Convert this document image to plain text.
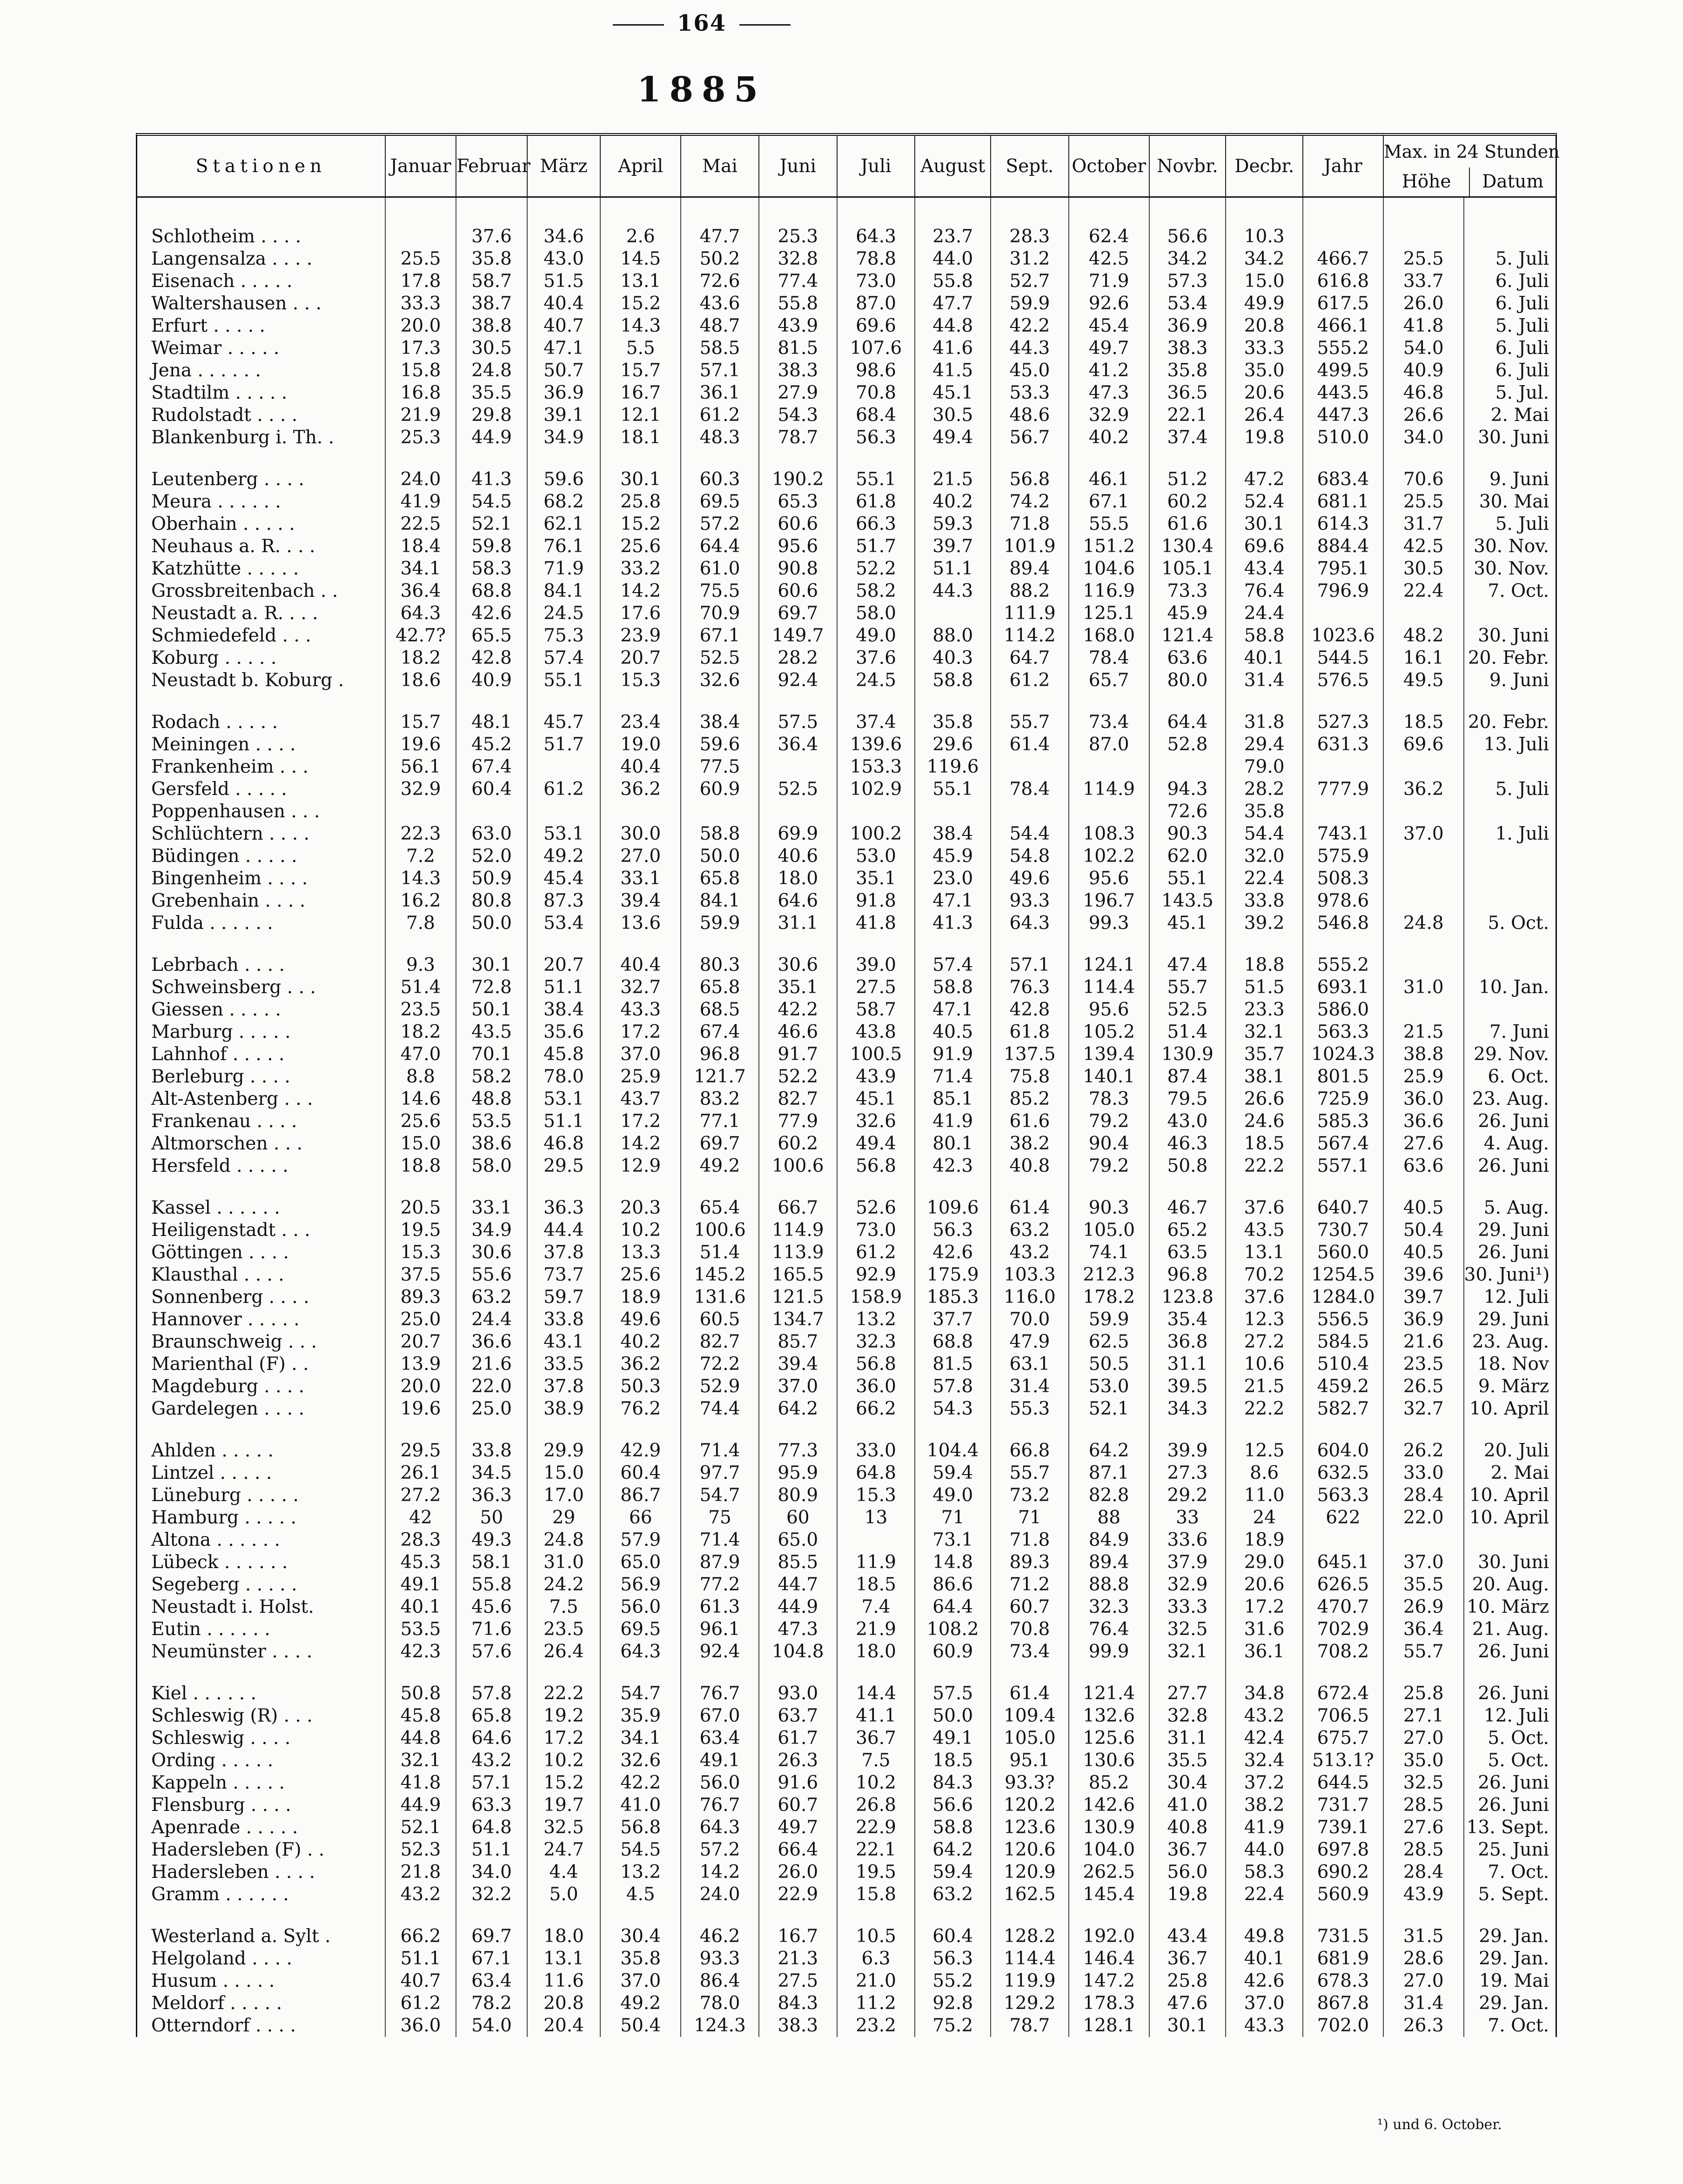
164
1885
Stationen	Januar	Februar	März	April	Mai	Juni	Juli	August	Sept.	October	Novbr.	Decbr.	Jahr	Max. in 24 Stunden
Höhe Datum	

Schlotheim . . . .		37.6	34.6	2.6	47.7	25.3	64.3	23.7	28.3	62.4	56.6	10.3			
Langensalza . . . .	25.5	35.8	43.0	14.5	50.2	32.8	78.8	44.0	31.2	42.5	34.2	34.2	466.7	25.5	5. Juli
Eisenach . . . . .	17.8	58.7	51.5	13.1	72.6	77.4	73.0	55.8	52.7	71.9	57.3	15.0	616.8	33.7	6. Juli
Waltershausen . . .	33.3	38.7	40.4	15.2	43.6	55.8	87.0	47.7	59.9	92.6	53.4	49.9	617.5	26.0	6. Juli
Erfurt . . . . .	20.0	38.8	40.7	14.3	48.7	43.9	69.6	44.8	42.2	45.4	36.9	20.8	466.1	41.8	5. Juli
Weimar . . . . .	17.3	30.5	47.1	5.5	58.5	81.5	107.6	41.6	44.3	49.7	38.3	33.3	555.2	54.0	6. Juli
Jena . . . . . .	15.8	24.8	50.7	15.7	57.1	38.3	98.6	41.5	45.0	41.2	35.8	35.0	499.5	40.9	6. Juli
Stadtilm . . . . .	16.8	35.5	36.9	16.7	36.1	27.9	70.8	45.1	53.3	47.3	36.5	20.6	443.5	46.8	5. Jul.
Rudolstadt . . . .	21.9	29.8	39.1	12.1	61.2	54.3	68.4	30.5	48.6	32.9	22.1	26.4	447.3	26.6	2. Mai
Blankenburg i. Th. .	25.3	44.9	34.9	18.1	48.3	78.7	56.3	49.4	56.7	40.2	37.4	19.8	510.0	34.0	30. Juni

Leutenberg . . . .	24.0	41.3	59.6	30.1	60.3	190.2	55.1	21.5	56.8	46.1	51.2	47.2	683.4	70.6	9. Juni
Meura . . . . . .	41.9	54.5	68.2	25.8	69.5	65.3	61.8	40.2	74.2	67.1	60.2	52.4	681.1	25.5	30. Mai
Oberhain . . . . .	22.5	52.1	62.1	15.2	57.2	60.6	66.3	59.3	71.8	55.5	61.6	30.1	614.3	31.7	5. Juli
Neuhaus a. R. . . .	18.4	59.8	76.1	25.6	64.4	95.6	51.7	39.7	101.9	151.2	130.4	69.6	884.4	42.5	30. Nov.
Katzhütte . . . . .	34.1	58.3	71.9	33.2	61.0	90.8	52.2	51.1	89.4	104.6	105.1	43.4	795.1	30.5	30. Nov.
Grossbreitenbach . .	36.4	68.8	84.1	14.2	75.5	60.6	58.2	44.3	88.2	116.9	73.3	76.4	796.9	22.4	7. Oct.
Neustadt a. R. . . .	64.3	42.6	24.5	17.6	70.9	69.7	58.0		111.9	125.1	45.9	24.4			
Schmiedefeld . . .	42.7?	65.5	75.3	23.9	67.1	149.7	49.0	88.0	114.2	168.0	121.4	58.8	1023.6	48.2	30. Juni
Koburg . . . . .	18.2	42.8	57.4	20.7	52.5	28.2	37.6	40.3	64.7	78.4	63.6	40.1	544.5	16.1	20. Febr.
Neustadt b. Koburg .	18.6	40.9	55.1	15.3	32.6	92.4	24.5	58.8	61.2	65.7	80.0	31.4	576.5	49.5	9. Juni

Rodach . . . . .	15.7	48.1	45.7	23.4	38.4	57.5	37.4	35.8	55.7	73.4	64.4	31.8	527.3	18.5	20. Febr.
Meiningen . . . .	19.6	45.2	51.7	19.0	59.6	36.4	139.6	29.6	61.4	87.0	52.8	29.4	631.3	69.6	13. Juli
Frankenheim . . .	56.1	67.4		40.4	77.5		153.3	119.6				79.0			
Gersfeld . . . . .	32.9	60.4	61.2	36.2	60.9	52.5	102.9	55.1	78.4	114.9	94.3	28.2	777.9	36.2	5. Juli
Poppenhausen . . .											72.6	35.8			
Schlüchtern . . . .	22.3	63.0	53.1	30.0	58.8	69.9	100.2	38.4	54.4	108.3	90.3	54.4	743.1	37.0	1. Juli
Büdingen . . . . .	7.2	52.0	49.2	27.0	50.0	40.6	53.0	45.9	54.8	102.2	62.0	32.0	575.9		
Bingenheim . . . .	14.3	50.9	45.4	33.1	65.8	18.0	35.1	23.0	49.6	95.6	55.1	22.4	508.3		
Grebenhain . . . .	16.2	80.8	87.3	39.4	84.1	64.6	91.8	47.1	93.3	196.7	143.5	33.8	978.6		
Fulda . . . . . .	7.8	50.0	53.4	13.6	59.9	31.1	41.8	41.3	64.3	99.3	45.1	39.2	546.8	24.8	5. Oct.

Lebrbach . . . .	9.3	30.1	20.7	40.4	80.3	30.6	39.0	57.4	57.1	124.1	47.4	18.8	555.2		
Schweinsberg . . .	51.4	72.8	51.1	32.7	65.8	35.1	27.5	58.8	76.3	114.4	55.7	51.5	693.1	31.0	10. Jan.
Giessen . . . . .	23.5	50.1	38.4	43.3	68.5	42.2	58.7	47.1	42.8	95.6	52.5	23.3	586.0		
Marburg . . . . .	18.2	43.5	35.6	17.2	67.4	46.6	43.8	40.5	61.8	105.2	51.4	32.1	563.3	21.5	7. Juni
Lahnhof . . . . .	47.0	70.1	45.8	37.0	96.8	91.7	100.5	91.9	137.5	139.4	130.9	35.7	1024.3	38.8	29. Nov.
Berleburg . . . .	8.8	58.2	78.0	25.9	121.7	52.2	43.9	71.4	75.8	140.1	87.4	38.1	801.5	25.9	6. Oct.
Alt-Astenberg . . .	14.6	48.8	53.1	43.7	83.2	82.7	45.1	85.1	85.2	78.3	79.5	26.6	725.9	36.0	23. Aug.
Frankenau . . . .	25.6	53.5	51.1	17.2	77.1	77.9	32.6	41.9	61.6	79.2	43.0	24.6	585.3	36.6	26. Juni
Altmorschen . . .	15.0	38.6	46.8	14.2	69.7	60.2	49.4	80.1	38.2	90.4	46.3	18.5	567.4	27.6	4. Aug.
Hersfeld . . . . .	18.8	58.0	29.5	12.9	49.2	100.6	56.8	42.3	40.8	79.2	50.8	22.2	557.1	63.6	26. Juni

Kassel . . . . . .	20.5	33.1	36.3	20.3	65.4	66.7	52.6	109.6	61.4	90.3	46.7	37.6	640.7	40.5	5. Aug.
Heiligenstadt . . .	19.5	34.9	44.4	10.2	100.6	114.9	73.0	56.3	63.2	105.0	65.2	43.5	730.7	50.4	29. Juni
Göttingen . . . .	15.3	30.6	37.8	13.3	51.4	113.9	61.2	42.6	43.2	74.1	63.5	13.1	560.0	40.5	26. Juni
Klausthal . . . .	37.5	55.6	73.7	25.6	145.2	165.5	92.9	175.9	103.3	212.3	96.8	70.2	1254.5	39.6	30. Juni¹)
Sonnenberg . . . .	89.3	63.2	59.7	18.9	131.6	121.5	158.9	185.3	116.0	178.2	123.8	37.6	1284.0	39.7	12. Juli
Hannover . . . . .	25.0	24.4	33.8	49.6	60.5	134.7	13.2	37.7	70.0	59.9	35.4	12.3	556.5	36.9	29. Juni
Braunschweig . . .	20.7	36.6	43.1	40.2	82.7	85.7	32.3	68.8	47.9	62.5	36.8	27.2	584.5	21.6	23. Aug.
Marienthal (F) . .	13.9	21.6	33.5	36.2	72.2	39.4	56.8	81.5	63.1	50.5	31.1	10.6	510.4	23.5	18. Nov
Magdeburg . . . .	20.0	22.0	37.8	50.3	52.9	37.0	36.0	57.8	31.4	53.0	39.5	21.5	459.2	26.5	9. März
Gardelegen . . . .	19.6	25.0	38.9	76.2	74.4	64.2	66.2	54.3	55.3	52.1	34.3	22.2	582.7	32.7	10. April

Ahlden . . . . .	29.5	33.8	29.9	42.9	71.4	77.3	33.0	104.4	66.8	64.2	39.9	12.5	604.0	26.2	20. Juli
Lintzel . . . . .	26.1	34.5	15.0	60.4	97.7	95.9	64.8	59.4	55.7	87.1	27.3	8.6	632.5	33.0	2. Mai
Lüneburg . . . . .	27.2	36.3	17.0	86.7	54.7	80.9	15.3	49.0	73.2	82.8	29.2	11.0	563.3	28.4	10. April
Hamburg . . . . .	42	50	29	66	75	60	13	71	71	88	33	24	622	22.0	10. April
Altona . . . . . .	28.3	49.3	24.8	57.9	71.4	65.0		73.1	71.8	84.9	33.6	18.9			
Lübeck . . . . . .	45.3	58.1	31.0	65.0	87.9	85.5	11.9	14.8	89.3	89.4	37.9	29.0	645.1	37.0	30. Juni
Segeberg . . . . .	49.1	55.8	24.2	56.9	77.2	44.7	18.5	86.6	71.2	88.8	32.9	20.6	626.5	35.5	20. Aug.
Neustadt i. Holst.	40.1	45.6	7.5	56.0	61.3	44.9	7.4	64.4	60.7	32.3	33.3	17.2	470.7	26.9	10. März
Eutin . . . . . .	53.5	71.6	23.5	69.5	96.1	47.3	21.9	108.2	70.8	76.4	32.5	31.6	702.9	36.4	21. Aug.
Neumünster . . . .	42.3	57.6	26.4	64.3	92.4	104.8	18.0	60.9	73.4	99.9	32.1	36.1	708.2	55.7	26. Juni

Kiel . . . . . .	50.8	57.8	22.2	54.7	76.7	93.0	14.4	57.5	61.4	121.4	27.7	34.8	672.4	25.8	26. Juni
Schleswig (R) . . .	45.8	65.8	19.2	35.9	67.0	63.7	41.1	50.0	109.4	132.6	32.8	43.2	706.5	27.1	12. Juli
Schleswig . . . .	44.8	64.6	17.2	34.1	63.4	61.7	36.7	49.1	105.0	125.6	31.1	42.4	675.7	27.0	5. Oct.
Ording . . . . .	32.1	43.2	10.2	32.6	49.1	26.3	7.5	18.5	95.1	130.6	35.5	32.4	513.1?	35.0	5. Oct.
Kappeln . . . . .	41.8	57.1	15.2	42.2	56.0	91.6	10.2	84.3	93.3?	85.2	30.4	37.2	644.5	32.5	26. Juni
Flensburg . . . .	44.9	63.3	19.7	41.0	76.7	60.7	26.8	56.6	120.2	142.6	41.0	38.2	731.7	28.5	26. Juni
Apenrade . . . . .	52.1	64.8	32.5	56.8	64.3	49.7	22.9	58.8	123.6	130.9	40.8	41.9	739.1	27.6	13. Sept.
Hadersleben (F) . .	52.3	51.1	24.7	54.5	57.2	66.4	22.1	64.2	120.6	104.0	36.7	44.0	697.8	28.5	25. Juni
Hadersleben . . . .	21.8	34.0	4.4	13.2	14.2	26.0	19.5	59.4	120.9	262.5	56.0	58.3	690.2	28.4	7. Oct.
Gramm . . . . . .	43.2	32.2	5.0	4.5	24.0	22.9	15.8	63.2	162.5	145.4	19.8	22.4	560.9	43.9	5. Sept.

Westerland a. Sylt .	66.2	69.7	18.0	30.4	46.2	16.7	10.5	60.4	128.2	192.0	43.4	49.8	731.5	31.5	29. Jan.
Helgoland . . . .	51.1	67.1	13.1	35.8	93.3	21.3	6.3	56.3	114.4	146.4	36.7	40.1	681.9	28.6	29. Jan.
Husum . . . . .	40.7	63.4	11.6	37.0	86.4	27.5	21.0	55.2	119.9	147.2	25.8	42.6	678.3	27.0	19. Mai
Meldorf . . . . .	61.2	78.2	20.8	49.2	78.0	84.3	11.2	92.8	129.2	178.3	47.6	37.0	867.8	31.4	29. Jan.
Otterndorf . . . .	36.0	54.0	20.4	50.4	124.3	38.3	23.2	75.2	78.7	128.1	30.1	43.3	702.0	26.3	7. Oct.
¹) und 6. October.
